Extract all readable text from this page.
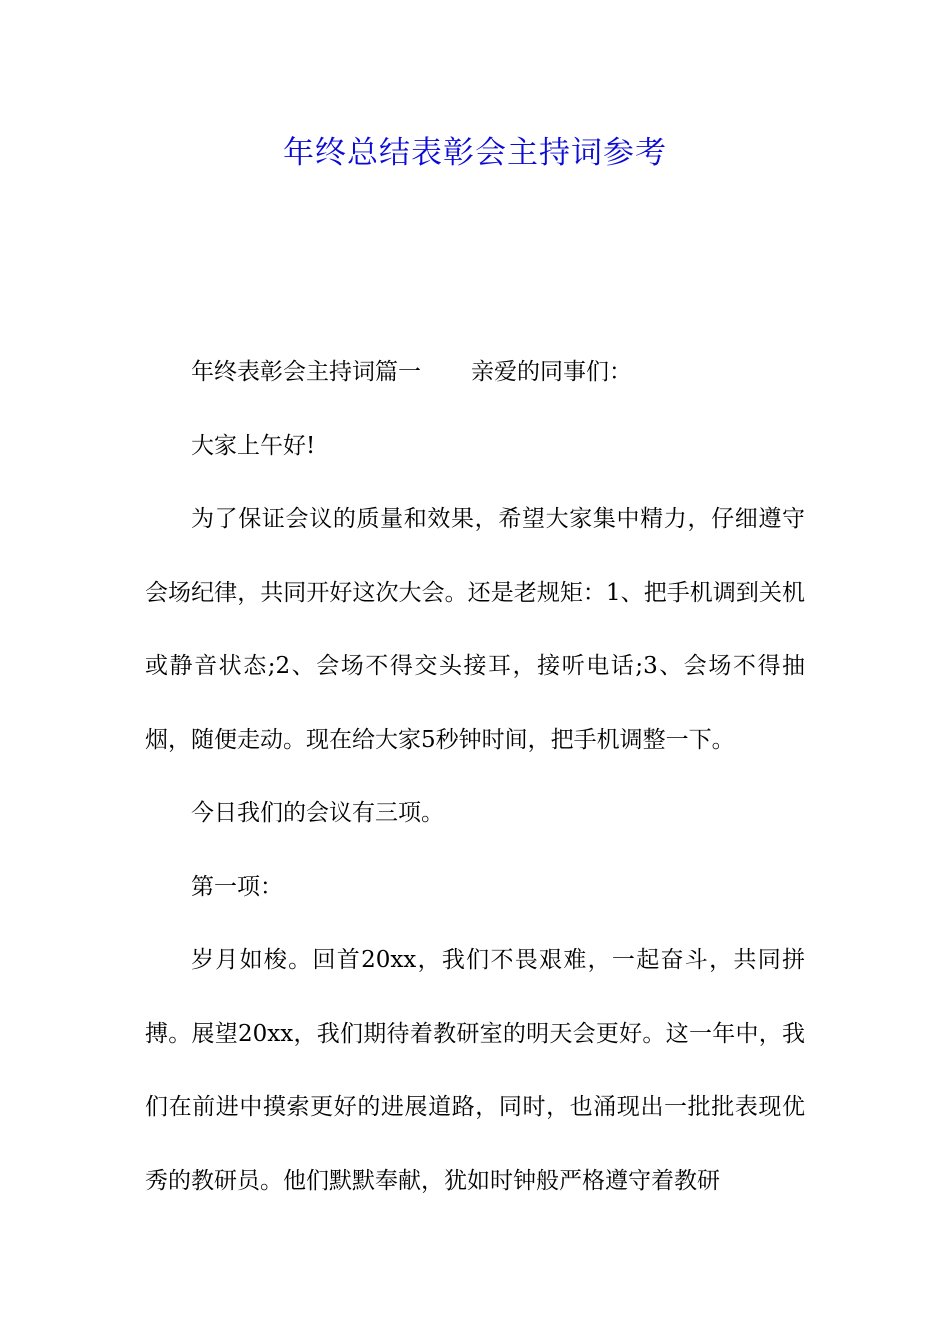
年终总结表彰会主持词参考

年终表彰会主持词篇一 亲爱的同事们：

大家上午好!

为了保证会议的质量和效果，希望大家集中精力，仔细遵守会场纪律，共同开好这次大会。还是老规矩：1、把手机调到关机或静音状态;2、会场不得交头接耳，接听电话;3、会场不得抽烟，随便走动。现在给大家5秒钟时间，把手机调整一下。

今日我们的会议有三项。

第一项：

岁月如梭。回首20xx，我们不畏艰难，一起奋斗，共同拼搏。展望20xx，我们期待着教研室的明天会更好。这一年中，我们在前进中摸索更好的进展道路，同时，也涌现出一批批表现优秀的教研员。他们默默奉献，犹如时钟般严格遵守着教研
